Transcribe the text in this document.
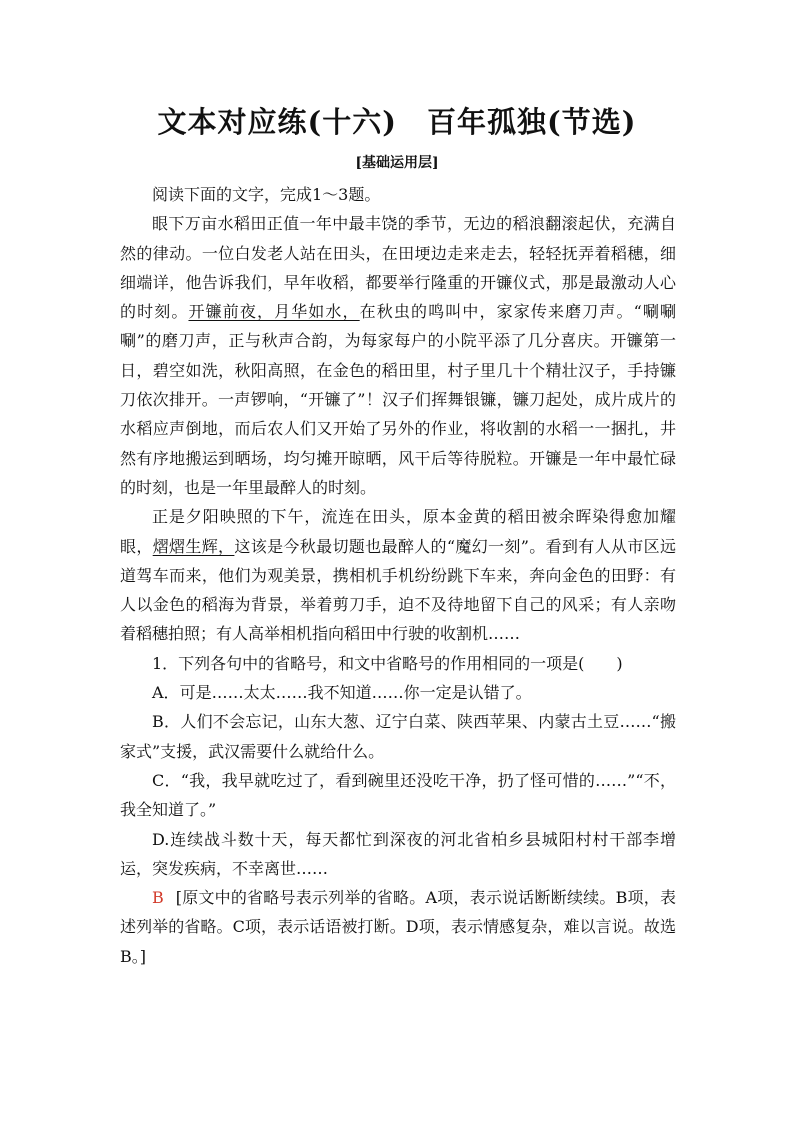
文本对应练(十六)　百年孤独(节选)
[基础运用层]

阅读下面的文字，完成1～3题。

眼下万亩水稻田正值一年中最丰饶的季节，无边的稻浪翻滚起伏，充满自然的律动。一位白发老人站在田头，在田埂边走来走去，轻轻抚弄着稻穗，细细端详，他告诉我们，早年收稻，都要举行隆重的开镰仪式，那是最激动人心的时刻。开镰前夜，月华如水，在秋虫的鸣叫中，家家传来磨刀声。“唰唰唰”的磨刀声，正与秋声合韵，为每家每户的小院平添了几分喜庆。开镰第一日，碧空如洗，秋阳高照，在金色的稻田里，村子里几十个精壮汉子，手持镰刀依次排开。一声锣响，“开镰了”！汉子们挥舞银镰，镰刀起处，成片成片的水稻应声倒地，而后农人们又开始了另外的作业，将收割的水稻一一捆扎，井然有序地搬运到晒场，均匀摊开晾晒，风干后等待脱粒。开镰是一年中最忙碌的时刻，也是一年里最醉人的时刻。

正是夕阳映照的下午，流连在田头，原本金黄的稻田被余晖染得愈加耀眼，熠熠生辉，这该是今秋最切题也最醉人的“魔幻一刻”。看到有人从市区远道驾车而来，他们为观美景，携相机手机纷纷跳下车来，奔向金色的田野：有人以金色的稻海为背景，举着剪刀手，迫不及待地留下自己的风采；有人亲吻着稻穗拍照；有人高举相机指向稻田中行驶的收割机……

1．下列各句中的省略号，和文中省略号的作用相同的一项是(　　)

A．可是……太太……我不知道……你一定是认错了。

B．人们不会忘记，山东大葱、辽宁白菜、陕西苹果、内蒙古土豆……“搬家式”支援，武汉需要什么就给什么。

C．“我，我早就吃过了，看到碗里还没吃干净，扔了怪可惜的……”“不，我全知道了。”

D.连续战斗数十天，每天都忙到深夜的河北省柏乡县城阳村村干部李增运，突发疾病，不幸离世……

B [原文中的省略号表示列举的省略。A项，表示说话断断续续。B项，表述列举的省略。C项，表示话语被打断。D项，表示情感复杂，难以言说。故选B。]
